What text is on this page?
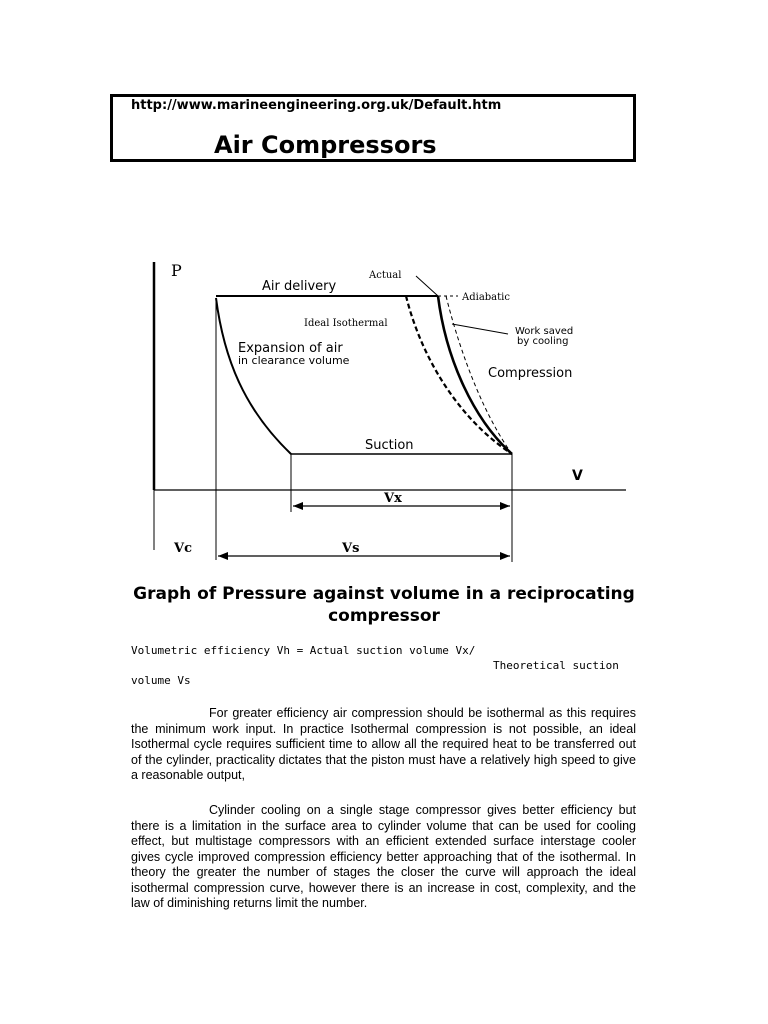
http://www.marineengineering.org.uk/Default.htm
Air Compressors
P
V
Air delivery
Actual
Adiabatic
Ideal Isothermal
Work saved
by cooling
Expansion of air
in clearance volume
Compression
Suction
Vx
Vc	Vs
Graph of Pressure against volume in a reciprocating compressor
Volumetric efficiency Vh = Actual suction volume Vx/
Theoretical suction
volume Vs

For greater efficiency air compression should be isothermal as this requires the minimum work input. In practice Isothermal compression is not possible, an ideal Isothermal cycle requires sufficient time to allow all the required heat to be transferred out of the cylinder, practicality dictates that the piston must have a relatively high speed to give a reasonable output,

Cylinder cooling on a single stage compressor gives better efficiency but there is a limitation in the surface area to cylinder volume that can be used for cooling effect, but multistage compressors with an efficient extended surface interstage cooler gives cycle improved compression efficiency better approaching that of the isothermal. In theory the greater the number of stages the closer the curve will approach the ideal isothermal compression curve, however there is an increase in cost, complexity, and the law of diminishing returns limit the number.
